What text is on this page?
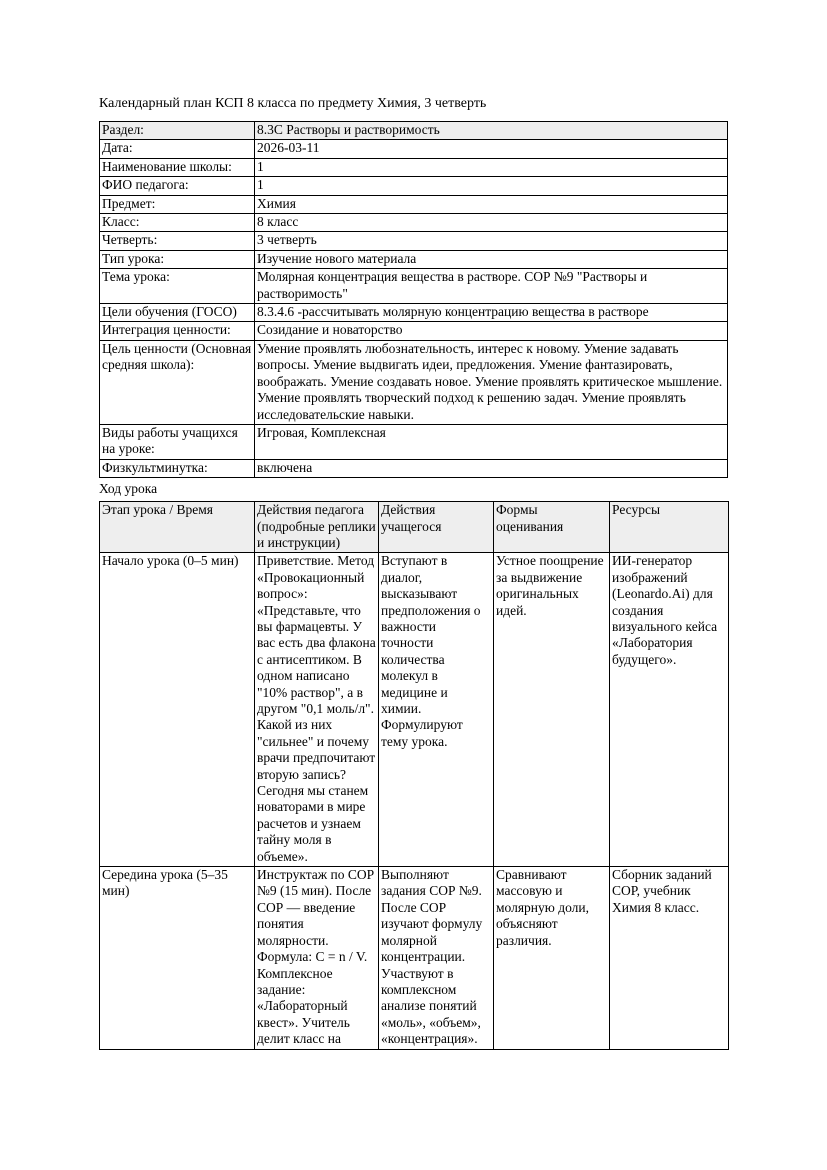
Календарный план КСП 8 класса по предмету Химия, 3 четверть

Раздел:	8.3С Растворы и растворимость
Дата:	2026-03-11
Наименование школы:	1
ФИО педагога:	1
Предмет:	Химия
Класс:	8 класс
Четверть:	3 четверть
Тип урока:	Изучение нового материала
Тема урока:	Молярная концентрация вещества в растворе. СОР №9 "Растворы и растворимость"
Цели обучения (ГОСО)	8.3.4.6 -рассчитывать молярную концентрацию вещества в растворе
Интеграция ценности:	Созидание и новаторство
Цель ценности (Основная средняя школа):	Умение проявлять любознательность, интерес к новому. Умение задавать вопросы. Умение выдвигать идеи, предложения. Умение фантазировать, воображать. Умение создавать новое. Умение проявлять критическое мышление. Умение проявлять творческий подход к решению задач. Умение проявлять исследовательские навыки.
Виды работы учащихся на уроке:	Игровая, Комплексная
Физкультминутка:	включена

Ход урока

Этап урока / Время	Действия педагога (подробные реплики и инструкции)	Действия учащегося	Формы оценивания	Ресурсы
Начало урока (0–5 мин)	Приветствие. Метод «Провокационный вопрос»: «Представьте, что вы фармацевты. У вас есть два флакона с антисептиком. В одном написано "10% раствор", а в другом "0,1 моль/л". Какой из них "сильнее" и почему врачи предпочитают вторую запись? Сегодня мы станем новаторами в мире расчетов и узнаем тайну моля в объеме».	Вступают в диалог, высказывают предположения о важности точности количества молекул в медицине и химии. Формулируют тему урока.	Устное поощрение за выдвижение оригинальных идей.	ИИ-генератор изображений (Leonardo.Ai) для создания визуального кейса «Лаборатория будущего».
Середина урока (5–35 мин)	Инструктаж по СОР №9 (15 мин). После СОР — введение понятия молярности. Формула: C = n / V. Комплексное задание: «Лабораторный квест». Учитель делит класс на	Выполняют задания СОР №9. После СОР изучают формулу молярной концентрации. Участвуют в комплексном анализе понятий «моль», «объем», «концентрация».	Сравнивают массовую и молярную доли, объясняют различия.	Сборник заданий СОР, учебник Химия 8 класс.
